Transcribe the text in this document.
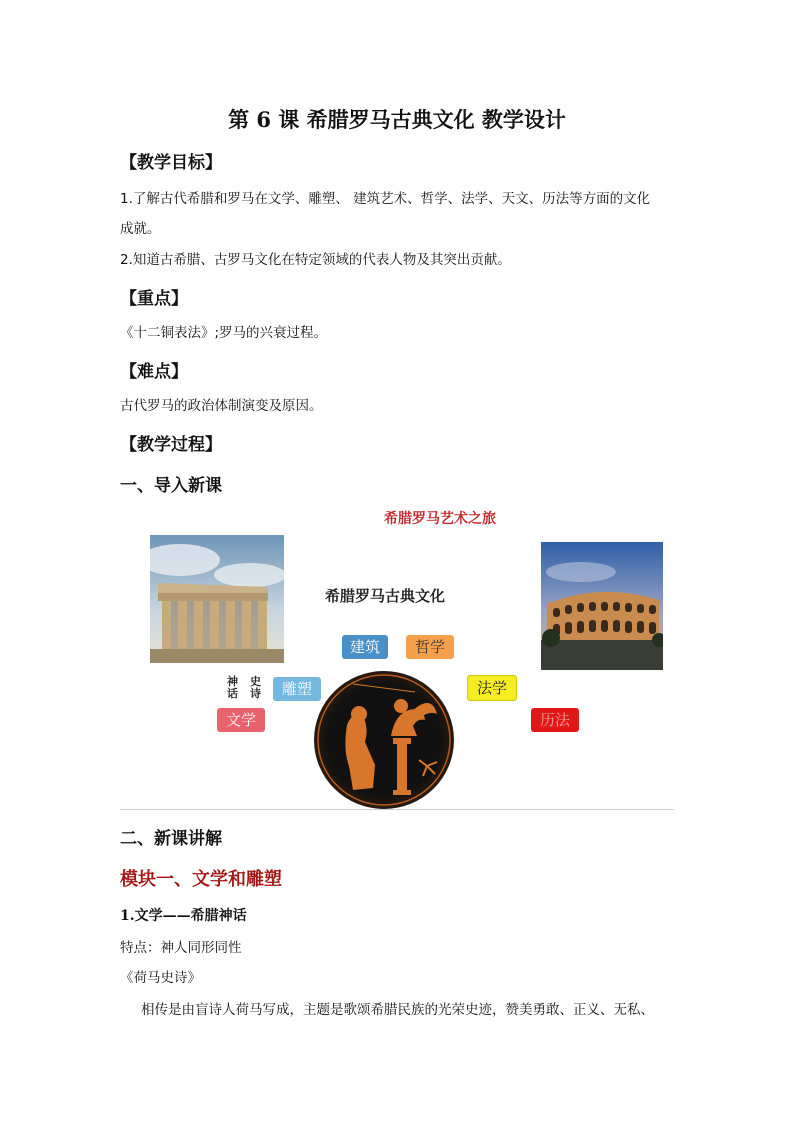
第 6 课 希腊罗马古典文化 教学设计
【教学目标】
1.了解古代希腊和罗马在文学、雕塑、 建筑艺术、哲学、法学、天文、历法等方面的文化
成就。
2.知道古希腊、古罗马文化在特定领域的代表人物及其突出贡献。
【重点】
《十二铜表法》;罗马的兴衰过程。
【难点】
古代罗马的政治体制演变及原因。
【教学过程】
一、导入新课
希腊罗马艺术之旅
希腊罗马古典文化
建筑	哲学
雕塑	法学
文学	历法
神话
史诗
二、新课讲解
模块一、文学和雕塑
1.文学——希腊神话
特点：神人同形同性
《荷马史诗》
相传是由盲诗人荷马写成，主题是歌颂希腊民族的光荣史迹，赞美勇敢、正义、无私、
